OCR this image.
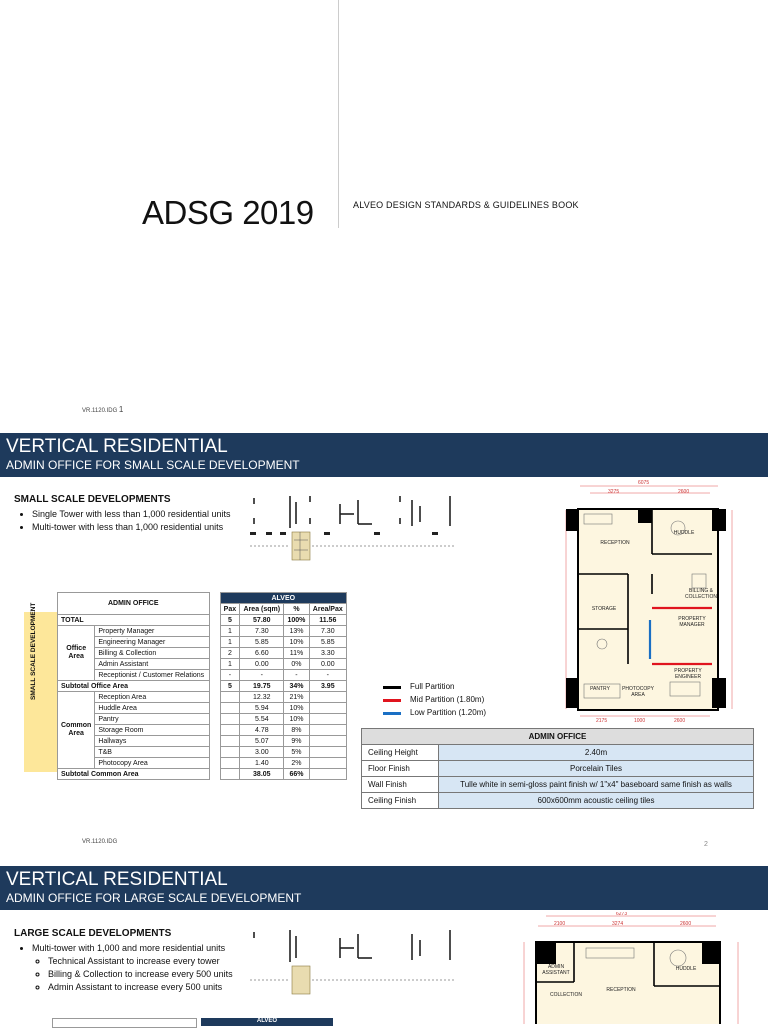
ADSG 2019	ALVEO DESIGN STANDARDS & GUIDELINES BOOK
VR.1120.IDG 1
VERTICAL RESIDENTIAL
ADMIN OFFICE FOR SMALL SCALE DEVELOPMENT
SMALL SCALE DEVELOPMENTS
• Single Tower with less than 1,000 residential units
• Multi-tower with less than 1,000 residential units
SMALL SCALE DEVELOPMENT	ADMIN OFFICE			ALVEO			
			Pax	Area (sqm)	%	Area/Pax
TOTAL			5	57.80	100%	11.56
Office Area	Property Manager		1	7.30	13%	7.30
	Engineering Manager		1	5.85	10%	5.85
	Billing & Collection		2	6.60	11%	3.30
	Admin Assistant		1	0.00	0%	0.00
	Receptionist / Customer Relations		-	-	-	-
Subtotal Office Area			5	19.75	34%	3.95
Common Area	Reception Area			12.32	21%	
	Huddle Area			5.94	10%	
	Pantry			5.54	10%	
	Storage Room			4.78	8%	
	Hallways			5.07	9%	
	T&B			3.00	5%	
	Photocopy Area			1.40	2%	
Subtotal Common Area				38.05	66%	
Full Partition
Mid Partition (1.80m)
Low Partition (1.20m)
RECEPTION
HUDDLE
BILLING & COLLECTION
STORAGE
PROPERTY MANAGER
PROPERTY ENGINEER
PANTRY	PHOTOCOPY AREA
6075
3275	2600
2175	1000	2600
ADMIN OFFICE	
Ceiling Height	2.40m
Floor Finish	Porcelain Tiles
Wall Finish	Tulle white in semi-gloss paint finish w/ 1"x4" baseboard same finish as walls
Ceiling Finish	600x600mm acoustic ceiling tiles
VR.1120.IDG	2
VERTICAL RESIDENTIAL
ADMIN OFFICE FOR LARGE SCALE DEVELOPMENT
LARGE SCALE DEVELOPMENTS
• Multi-tower with 1,000 and more residential units
◦ Technical Assistant to increase every tower
◦ Billing & Collection to increase every 500 units
◦ Admin Assistant to increase every 500 units
ALVEO
ADMIN ASSISTANT
HUDDLE
RECEPTION
COLLECTION
6273
2100	3274	2600
